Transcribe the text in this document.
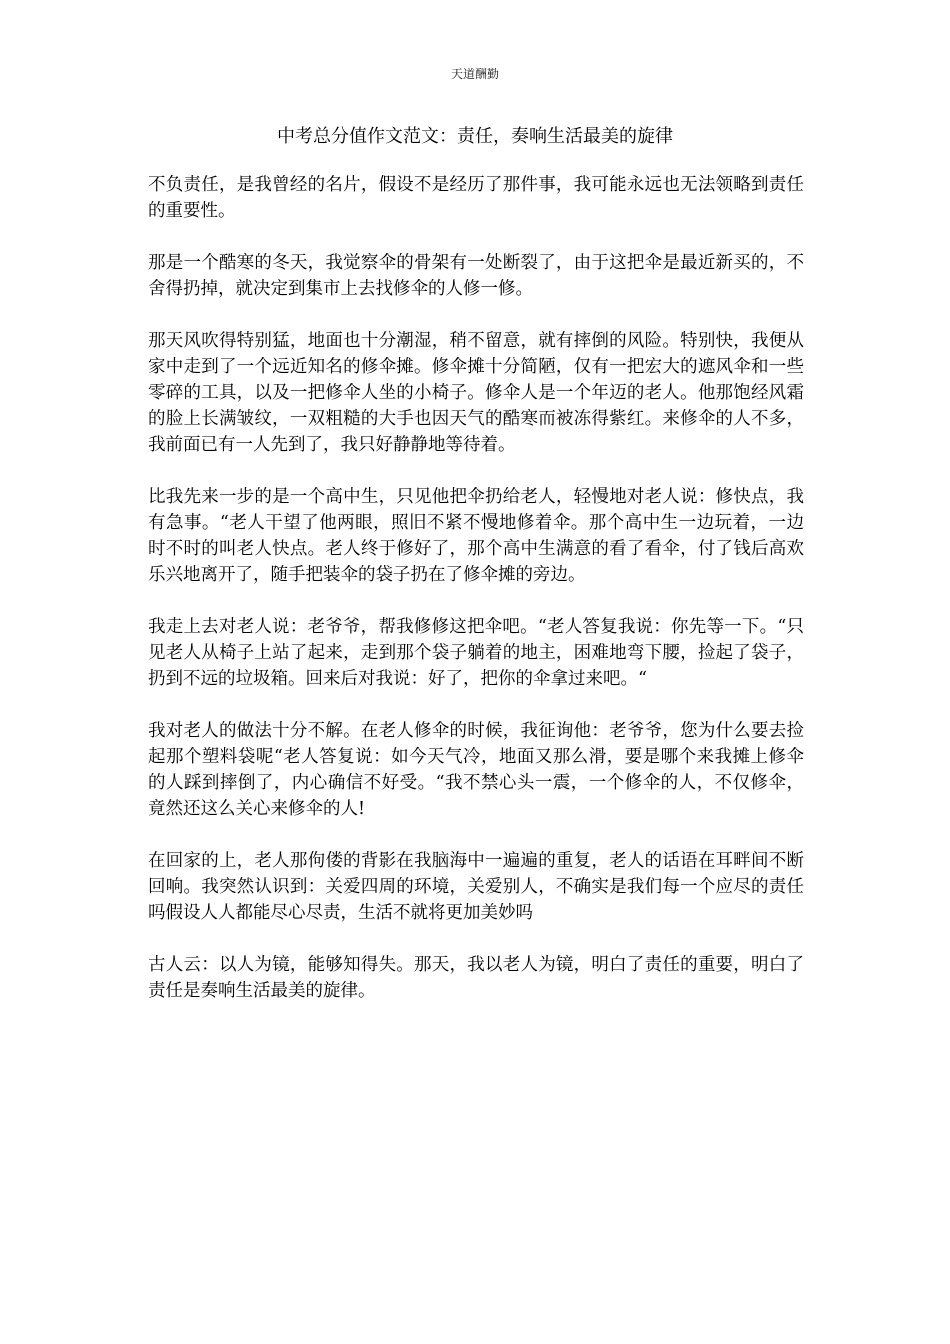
天道酬勤
中考总分值作文范文：责任，奏响生活最美的旋律

不负责任，是我曾经的名片，假设不是经历了那件事，我可能永远也无法领略到责任的重要性。

那是一个酷寒的冬天，我觉察伞的骨架有一处断裂了，由于这把伞是最近新买的，不舍得扔掉，就决定到集市上去找修伞的人修一修。

那天风吹得特别猛，地面也十分潮湿，稍不留意，就有摔倒的风险。特别快，我便从家中走到了一个远近知名的修伞摊。修伞摊十分简陋，仅有一把宏大的遮风伞和一些零碎的工具，以及一把修伞人坐的小椅子。修伞人是一个年迈的老人。他那饱经风霜的脸上长满皱纹，一双粗糙的大手也因天气的酷寒而被冻得紫红。来修伞的人不多，我前面已有一人先到了，我只好静静地等待着。

比我先来一步的是一个高中生，只见他把伞扔给老人，轻慢地对老人说：修快点，我有急事。“老人干望了他两眼，照旧不紧不慢地修着伞。那个高中生一边玩着，一边时不时的叫老人快点。老人终于修好了，那个高中生满意的看了看伞，付了钱后高欢乐兴地离开了，随手把装伞的袋子扔在了修伞摊的旁边。

我走上去对老人说：老爷爷，帮我修修这把伞吧。“老人答复我说：你先等一下。“只见老人从椅子上站了起来，走到那个袋子躺着的地主，困难地弯下腰，捡起了袋子，扔到不远的垃圾箱。回来后对我说：好了，把你的伞拿过来吧。“

我对老人的做法十分不解。在老人修伞的时候，我征询他：老爷爷，您为什么要去捡起那个塑料袋呢“老人答复说：如今天气冷，地面又那么滑，要是哪个来我摊上修伞的人踩到摔倒了，内心确信不好受。“我不禁心头一震，一个修伞的人，不仅修伞，竟然还这么关心来修伞的人!

在回家的上，老人那佝偻的背影在我脑海中一遍遍的重复，老人的话语在耳畔间不断回响。我突然认识到：关爱四周的环境，关爱别人，不确实是我们每一个应尽的责任吗假设人人都能尽心尽责，生活不就将更加美妙吗

古人云：以人为镜，能够知得失。那天，我以老人为镜，明白了责任的重要，明白了责任是奏响生活最美的旋律。
